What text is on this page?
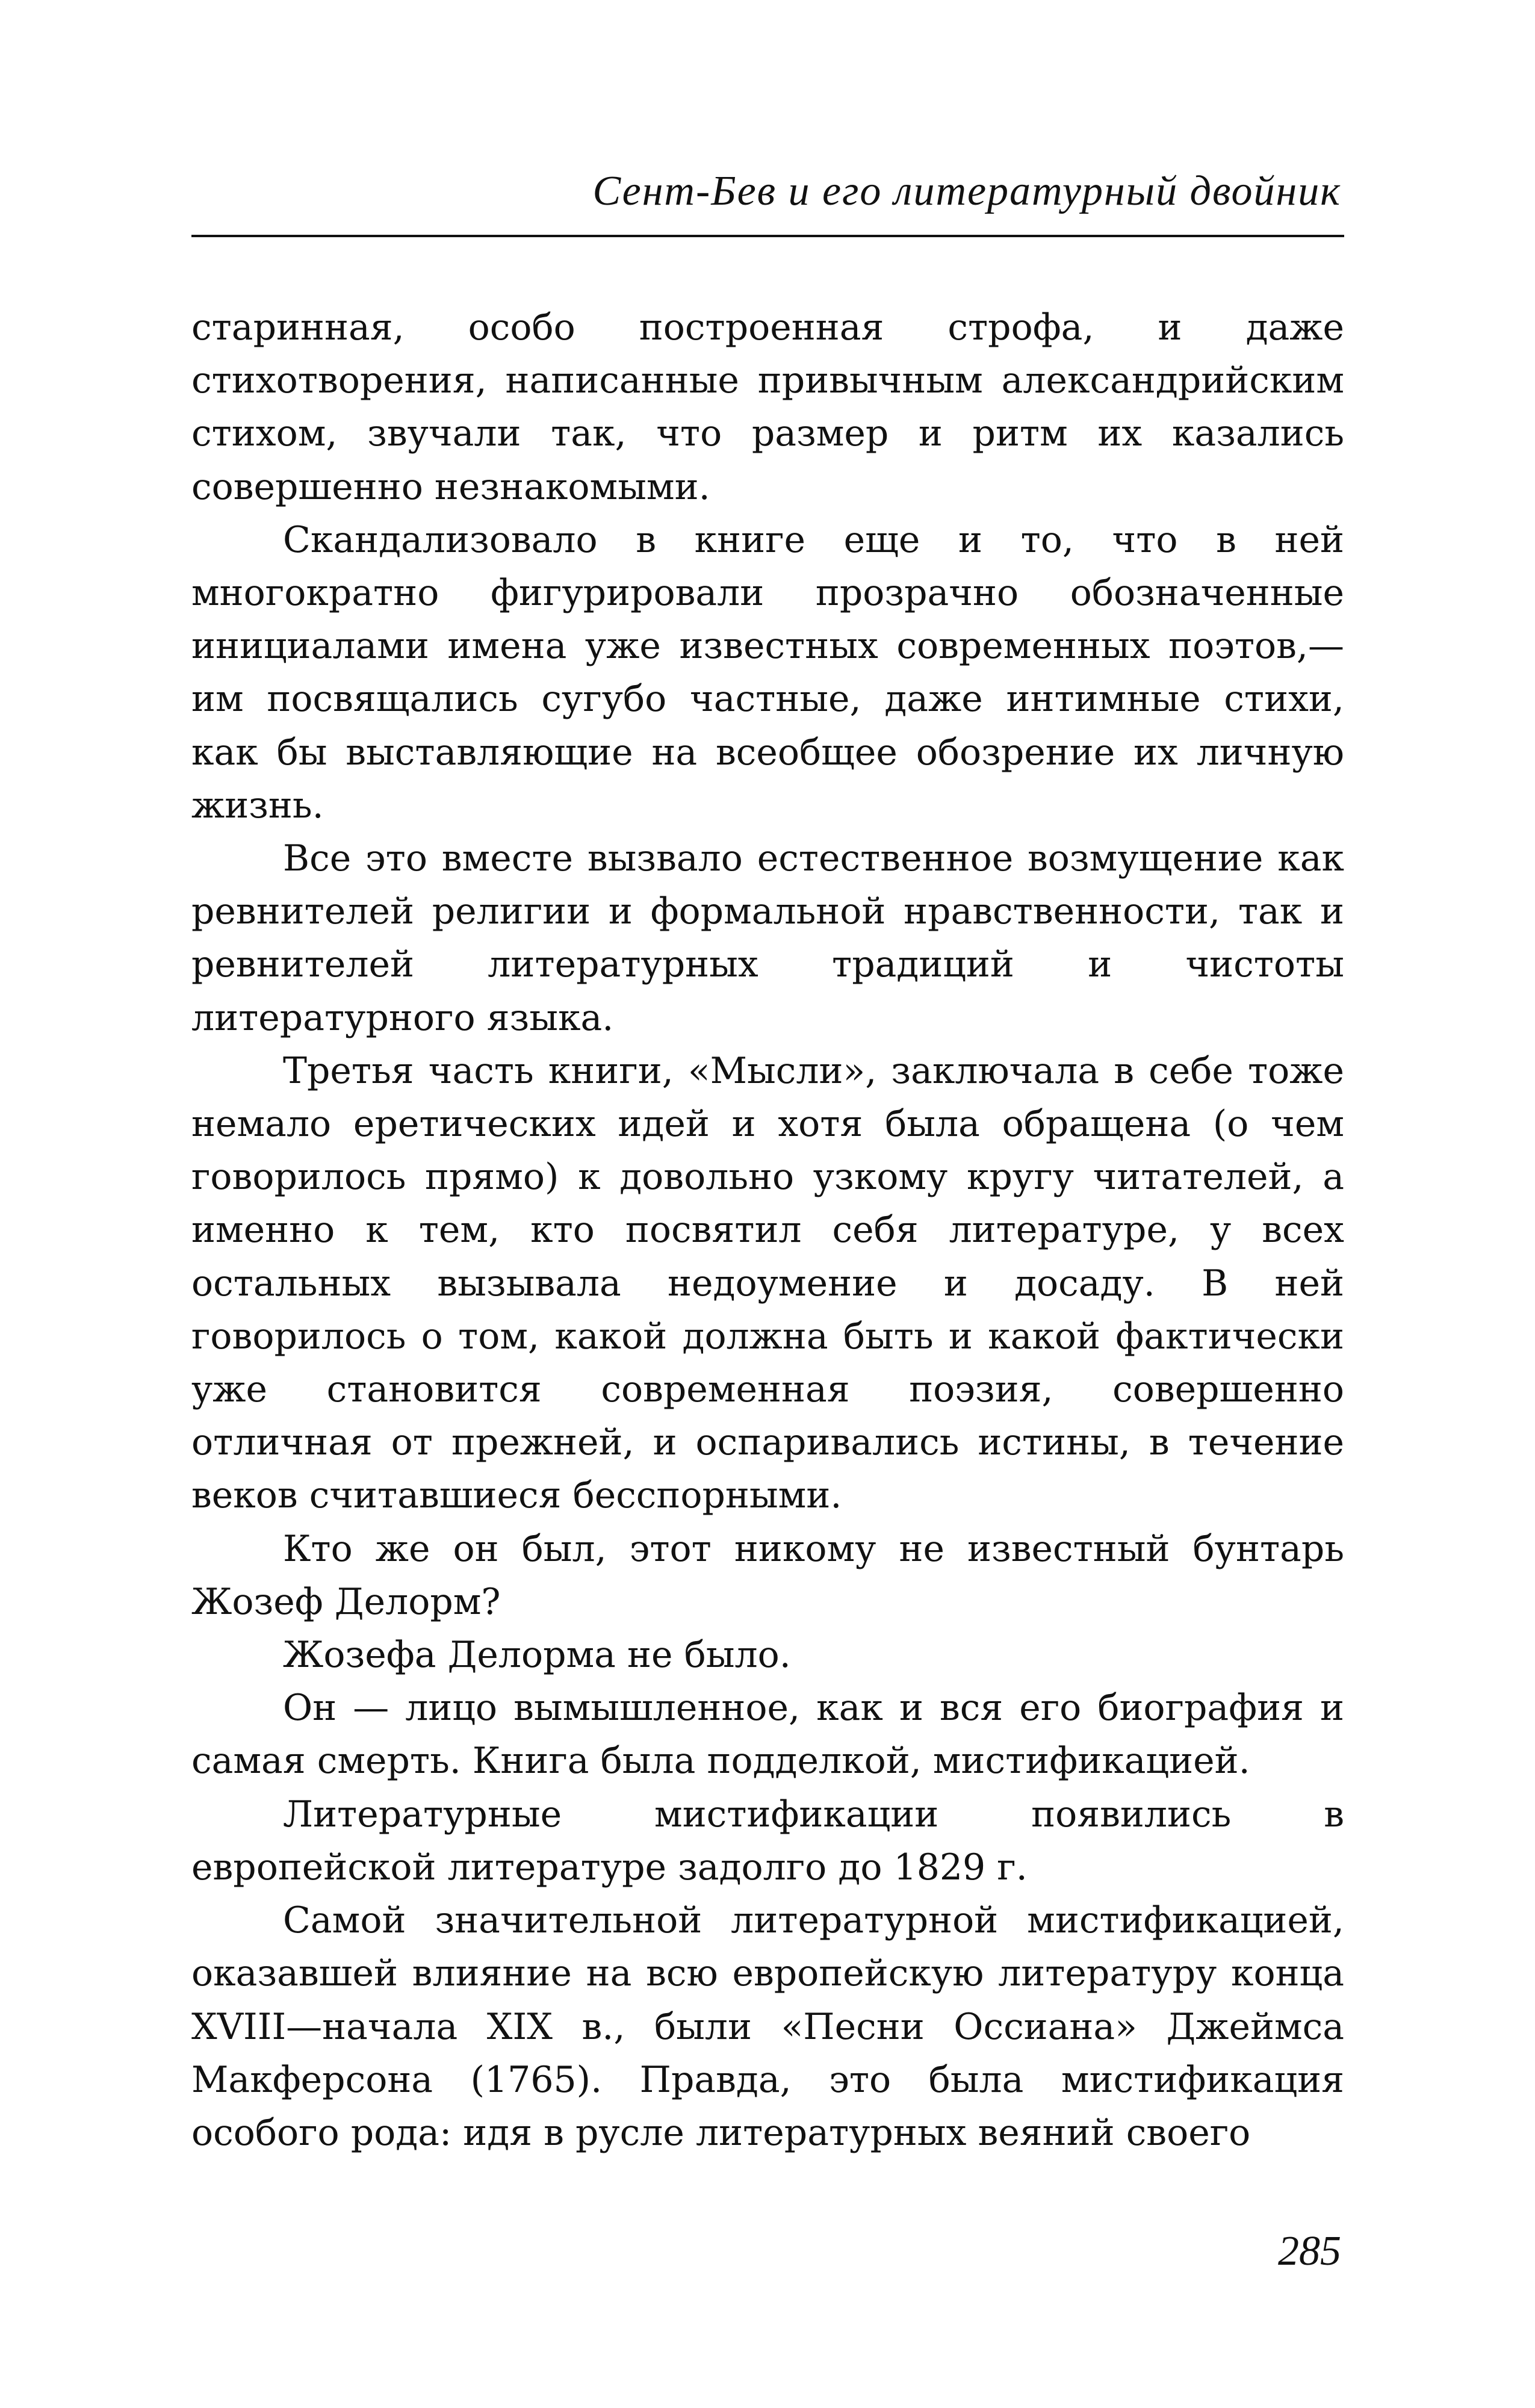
Сент-Бев и его литературный двойник

старинная, особо построенная строфа, и даже стихотворения, написанные привычным александрийским стихом, звучали так, что размер и ритм их казались совершенно незнакомыми.

Скандализовало в книге еще и то, что в ней многократно фигурировали прозрачно обозначенные инициалами имена уже известных современных поэтов,— им посвящались сугубо частные, даже интимные стихи, как бы выставляющие на всеобщее обозрение их личную жизнь.

Все это вместе вызвало естественное возмущение как ревнителей религии и формальной нравственности, так и ревнителей литературных традиций и чистоты литературного языка.

Третья часть книги, «Мысли», заключала в себе тоже немало еретических идей и хотя была обращена (о чем говорилось прямо) к довольно узкому кругу читателей, а именно к тем, кто посвятил себя литературе, у всех остальных вызывала недоумение и досаду. В ней говорилось о том, какой должна быть и какой фактически уже становится современная поэзия, совершенно отличная от прежней, и оспаривались истины, в течение веков считавшиеся бесспорными.

Кто же он был, этот никому не известный бунтарь Жозеф Делорм?

Жозефа Делорма не было.

Он — лицо вымышленное, как и вся его биография и самая смерть. Книга была подделкой, мистификацией.

Литературные мистификации появились в европейской литературе задолго до 1829 г.

Самой значительной литературной мистификацией, оказавшей влияние на всю европейскую литературу конца XVIII—начала XIX в., были «Песни Оссиана» Джеймса Макферсона (1765). Правда, это была мистификация особого рода: идя в русле литературных веяний своего

285
